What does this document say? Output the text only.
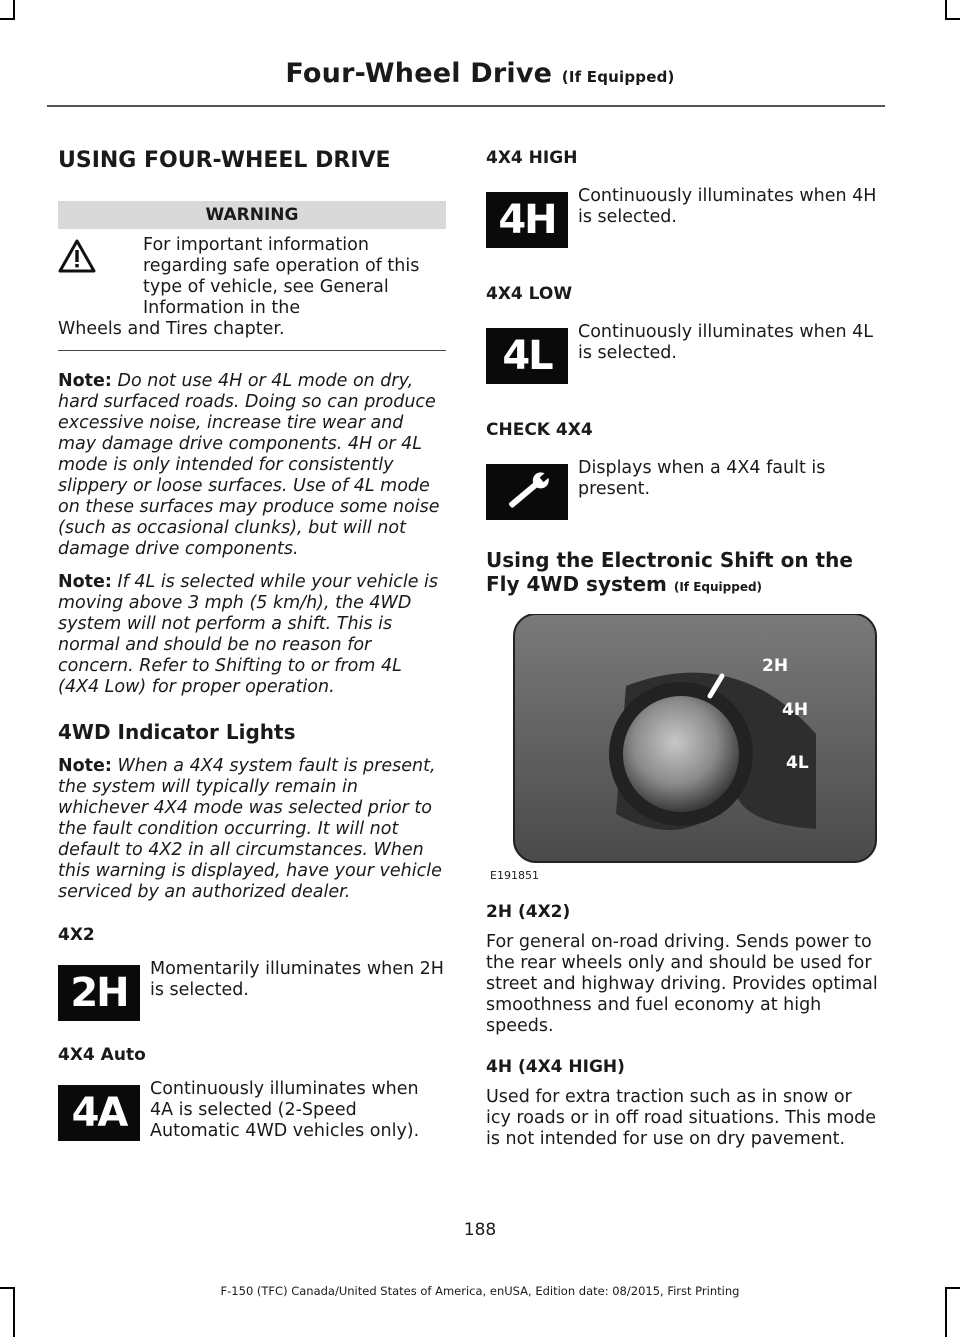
Four-Wheel Drive (If Equipped)
USING FOUR-WHEEL DRIVE
WARNING
For important information regarding safe operation of this type of vehicle, see General Information in the
Wheels and Tires chapter.

Note: Do not use 4H or 4L mode on dry, hard surfaced roads. Doing so can produce excessive noise, increase tire wear and may damage drive components. 4H or 4L mode is only intended for consistently slippery or loose surfaces. Use of 4L mode on these surfaces may produce some noise (such as occasional clunks), but will not damage drive components.

Note: If 4L is selected while your vehicle is moving above 3 mph (5 km/h), the 4WD system will not perform a shift. This is normal and should be no reason for concern. Refer to Shifting to or from 4L (4X4 Low) for proper operation.

4WD Indicator Lights

Note: When a 4X4 system fault is present, the system will typically remain in whichever 4X4 mode was selected prior to the fault condition occurring. It will not default to 4X2 in all circumstances. When this warning is displayed, have your vehicle serviced by an authorized dealer.

4X2
2H
Momentarily illuminates when 2H is selected.
4X4 Auto
4A
Continuously illuminates when 4A is selected (2-Speed Automatic 4WD vehicles only).
4X4 HIGH
4H
Continuously illuminates when 4H is selected.
4X4 LOW
4L
Continuously illuminates when 4L is selected.
CHECK 4X4
Displays when a 4X4 fault is present.
Using the Electronic Shift on the Fly 4WD system (If Equipped)
2H
4H
4L
E191851
2H (4X2)

For general on-road driving. Sends power to the rear wheels only and should be used for street and highway driving. Provides optimal smoothness and fuel economy at high speeds.

4H (4X4 HIGH)

Used for extra traction such as in snow or icy roads or in off road situations. This mode is not intended for use on dry pavement.

188
F-150 (TFC) Canada/United States of America, enUSA, Edition date: 08/2015, First Printing
